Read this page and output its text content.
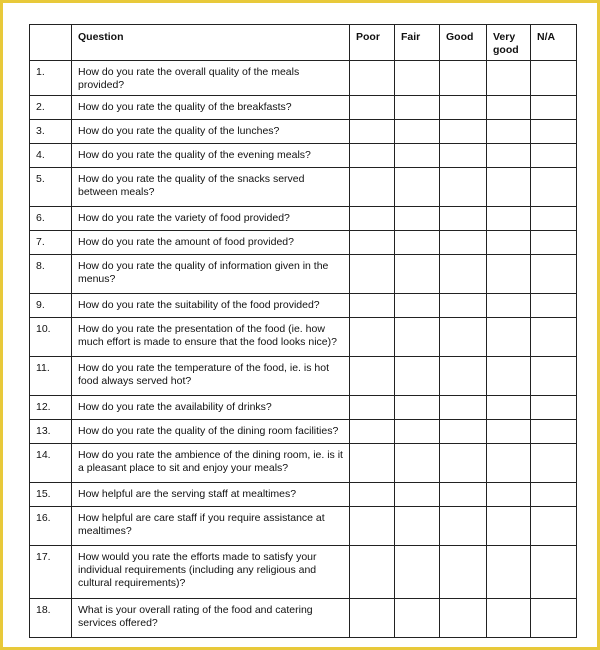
	Question	Poor	Fair	Good	Very good	N/A
1.	How do you rate the overall quality of the meals provided?					
2.	How do you rate the quality of the breakfasts?					
3.	How do you rate the quality of the lunches?					
4.	How do you rate the quality of the evening meals?					
5.	How do you rate the quality of the snacks served between meals?					
6.	How do you rate the variety of food provided?					
7.	How do you rate the amount of food provided?					
8.	How do you rate the quality of information given in the menus?					
9.	How do you rate the suitability of the food provided?					
10.	How do you rate the presentation of the food (ie. how much effort is made to ensure that the food looks nice)?					
11.	How do you rate the temperature of the food, ie. is hot food always served hot?					
12.	How do you rate the availability of drinks?					
13.	How do you rate the quality of the dining room facilities?					
14.	How do you rate the ambience of the dining room, ie. is it a pleasant place to sit and enjoy your meals?					
15.	How helpful are the serving staff at mealtimes?					
16.	How helpful are care staff if you require assistance at mealtimes?					
17.	How would you rate the efforts made to satisfy your individual requirements (including any religious and cultural requirements)?					
18.	What is your overall rating of the food and catering services offered?					
